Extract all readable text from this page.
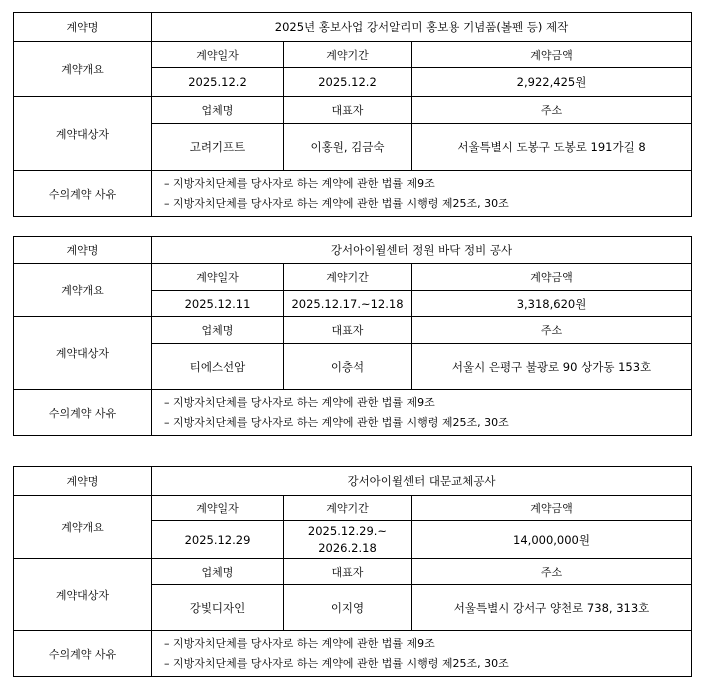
계약명	2025년 홍보사업 강서알리미 홍보용 기념품(볼펜 등) 제작		
계약개요	계약일자	계약기간	계약금액
	2025.12.2	2025.12.2	2,922,425원
계약대상자	업체명	대표자	주소
	고려기프트	이홍원, 김금숙	서울특별시 도봉구 도봉로 191가길 8
수의계약 사유	– 지방자치단체를 당사자로 하는 계약에 관한 법률 제9조
– 지방자치단체를 당사자로 하는 계약에 관한 법률 시행령 제25조, 30조		
계약명	강서아이윌센터 정원 바닥 정비 공사		
계약개요	계약일자	계약기간	계약금액
	2025.12.11	2025.12.17.~12.18	3,318,620원
계약대상자	업체명	대표자	주소
	티에스선암	이층석	서울시 은평구 불광로 90 상가동 153호
수의계약 사유	– 지방자치단체를 당사자로 하는 계약에 관한 법률 제9조
– 지방자치단체를 당사자로 하는 계약에 관한 법률 시행령 제25조, 30조		
계약명	강서아이윌센터 대문교체공사		
계약개요	계약일자	계약기간	계약금액
	2025.12.29	2025.12.29.~ 2026.2.18	14,000,000원
계약대상자	업체명	대표자	주소
	강빛디자인	이지영	서울특별시 강서구 양천로 738, 313호
수의계약 사유	– 지방자치단체를 당사자로 하는 계약에 관한 법률 제9조
– 지방자치단체를 당사자로 하는 계약에 관한 법률 시행령 제25조, 30조		
